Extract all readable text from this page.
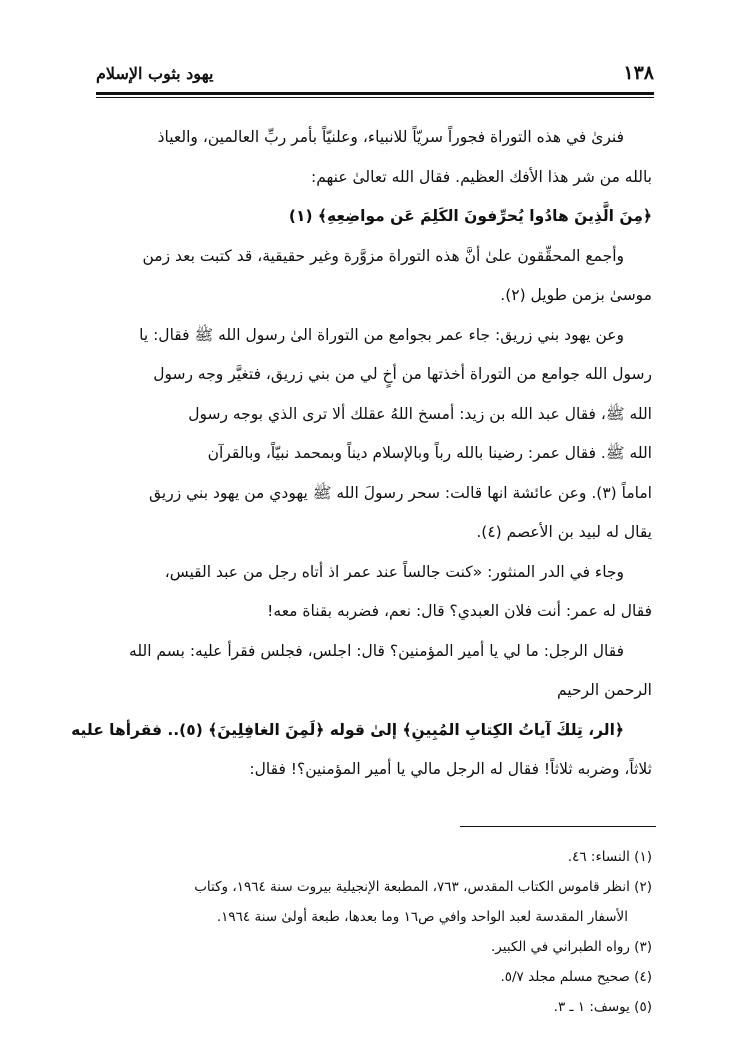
١٣٨
يهود بثوب الإسلام
فنرىٰ في هذه التوراة فجوراً سريّاً للانبياء، وعلنيّاً بأمر ربِّ العالمين، والعياذ
بالله من شر هذا الأفك العظيم. فقال الله تعالىٰ عنهم:
﴿مِنَ الَّذِينَ هادُوا يُحرِّفونَ الكَلِمَ عَن مواضِعِهِ﴾ (١)
وأجمع المحقِّقون علىٰ أنَّ هذه التوراة مزوَّرة وغير حقيقية، قد كتبت بعد زمن
موسىٰ بزمن طويل (٢).
وعن يهود بني زريق: جاء عمر بجوامع من التوراة الىٰ رسول الله ﷺ فقال: يا
رسول الله جوامع من التوراة أخذتها من أخٍ لي من بني زريق، فتغيَّر وجه رسول
الله ﷺ، فقال عبد الله بن زيد: أمسخ اللهُ عقلك ألا ترى الذي بوجه رسول
الله ﷺ. فقال عمر: رضينا بالله رباً وبالإسلام ديناً وبمحمد نبيّاً، وبالقرآن
اماماً (٣). وعن عائشة انها قالت: سحر رسولَ الله ﷺ يهودي من يهود بني زريق
يقال له لبيد بن الأعصم (٤).
وجاء في الدر المنثور: «كنت جالساً عند عمر اذ أتاه رجل من عبد القيس،
فقال له عمر: أنت فلان العبدي؟ قال: نعم، فضربه بقناة معه!
فقال الرجل: ما لي يا أمير المؤمنين؟ قال: اجلس، فجلس فقرأ عليه: بسم الله
الرحمن الرحيم
﴿الر، تِلكَ آياتُ الكِتابِ المُبِينِ﴾ إلىٰ قوله ﴿لَمِنَ الغافِلِينَ﴾ (٥).. فقرأها عليه
ثلاثاً، وضربه ثلاثاً! فقال له الرجل مالي يا أمير المؤمنين؟! فقال:
(١) النساء: ٤٦.
(٢) انظر قاموس الكتاب المقدس، ٧٦٣، المطبعة الإنجيلية بيروت سنة ١٩٦٤، وكتاب
الأسفار المقدسة لعبد الواحد وافي ص١٦ وما بعدها، طبعة أولىٰ سنة ١٩٦٤.
(٣) رواه الطبراني في الكبير.
(٤) صحيح مسلم مجلد ٥/٧.
(٥) يوسف: ١ ـ ٣.
